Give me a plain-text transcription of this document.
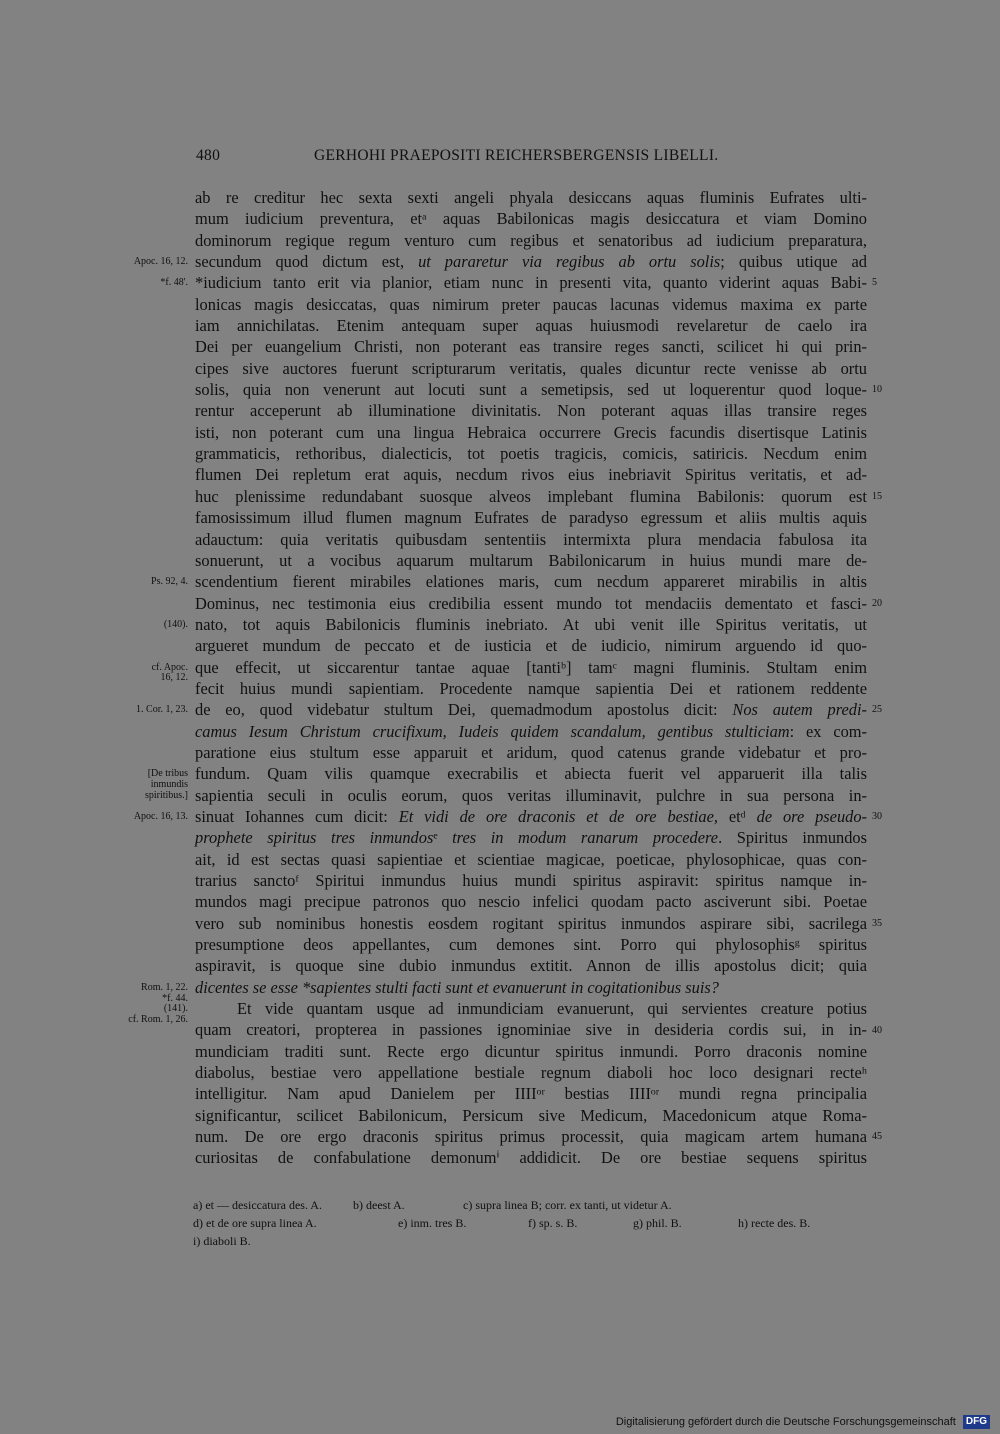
480	GERHOHI PRAEPOSITI REICHERSBERGENSIS LIBELLI.
ab re creditur hec sexta sexti angeli phyala desiccans aquas fluminis Eufrates ulti-
mum iudicium preventura, etᵃ aquas Babilonicas magis desiccatura et viam Domino
dominorum regique regum venturo cum regibus et senatoribus ad iudicium preparatura,
secundum quod dictum est, ut pararetur via regibus ab ortu solis; quibus utique ad
*iudicium tanto erit via planior, etiam nunc in presenti vita, quanto viderint aquas Babi-
lonicas magis desiccatas, quas nimirum preter paucas lacunas videmus maxima ex parte
iam annichilatas. Etenim antequam super aquas huiusmodi revelaretur de caelo ira
Dei per euangelium Christi, non poterant eas transire reges sancti, scilicet hi qui prin-
cipes sive auctores fuerunt scripturarum veritatis, quales dicuntur recte venisse ab ortu
solis, quia non venerunt aut locuti sunt a semetipsis, sed ut loquerentur quod loque-
rentur acceperunt ab illuminatione divinitatis. Non poterant aquas illas transire reges
isti, non poterant cum una lingua Hebraica occurrere Grecis facundis disertisque Latinis
grammaticis, rethoribus, dialecticis, tot poetis tragicis, comicis, satiricis. Necdum enim
flumen Dei repletum erat aquis, necdum rivos eius inebriavit Spiritus veritatis, et ad-
huc plenissime redundabant suosque alveos implebant flumina Babilonis: quorum est
famosissimum illud flumen magnum Eufrates de paradyso egressum et aliis multis aquis
adauctum: quia veritatis quibusdam sententiis intermixta plura mendacia fabulosa ita
sonuerunt, ut a vocibus aquarum multarum Babilonicarum in huius mundi mare de-
scendentium fierent mirabiles elationes maris, cum necdum appareret mirabilis in altis
Dominus, nec testimonia eius credibilia essent mundo tot mendaciis dementato et fasci-
nato, tot aquis Babilonicis fluminis inebriato. At ubi venit ille Spiritus veritatis, ut
argueret mundum de peccato et de iusticia et de iudicio, nimirum arguendo id quo-
que effecit, ut siccarentur tantae aquae [tantiᵇ] tamᶜ magni fluminis. Stultam enim
fecit huius mundi sapientiam. Procedente namque sapientia Dei et rationem reddente
de eo, quod videbatur stultum Dei, quemadmodum apostolus dicit: Nos autem predi-
camus Iesum Christum crucifixum, Iudeis quidem scandalum, gentibus stulticiam: ex com-
paratione eius stultum esse apparuit et aridum, quod catenus grande videbatur et pro-
fundum. Quam vilis quamque execrabilis et abiecta fuerit vel apparuerit illa talis
sapientia seculi in oculis eorum, quos veritas illuminavit, pulchre in sua persona in-
sinuat Iohannes cum dicit: Et vidi de ore draconis et de ore bestiae, etᵈ de ore pseudo-
prophete spiritus tres inmundosᵉ tres in modum ranarum procedere. Spiritus inmundos
ait, id est sectas quasi sapientiae et scientiae magicae, poeticae, phylosophicae, quas con-
trarius sanctoᶠ Spiritui inmundus huius mundi spiritus aspiravit: spiritus namque in-
mundos magi precipue patronos quo nescio infelici quodam pacto asciverunt sibi. Poetae
vero sub nominibus honestis eosdem rogitant spiritus inmundos aspirare sibi, sacrilega
presumptione deos appellantes, cum demones sint. Porro qui phylosophisᵍ spiritus
aspiravit, is quoque sine dubio inmundus extitit. Annon de illis apostolus dicit; quia
dicentes se esse *sapientes stulti facti sunt et evanuerunt in cogitationibus suis?
Et vide quantam usque ad inmundiciam evanuerunt, qui servientes creature potius
quam creatori, propterea in passiones ignominiae sive in desideria cordis sui, in in-
mundiciam traditi sunt. Recte ergo dicuntur spiritus inmundi. Porro draconis nomine
diabolus, bestiae vero appellatione bestiale regnum diaboli hoc loco designari recteʰ
intelligitur. Nam apud Danielem per IIIIᵒʳ bestias IIIIᵒʳ mundi regna principalia
significantur, scilicet Babilonicum, Persicum sive Medicum, Macedonicum atque Roma-
num. De ore ergo draconis spiritus primus processit, quia magicam artem humana
curiositas de confabulatione demonumⁱ addidicit. De ore bestiae sequens spiritus
Apoc. 16, 12.
*f. 48'.
Ps. 92, 4.
(140).
cf. Apoc.
16, 12.
1. Cor. 1, 23.
[De tribus
inmundis
spiritibus.]
Apoc. 16, 13.
Rom. 1, 22.
*f. 44.
(141).
cf. Rom. 1, 26.
5
10
15
20
25
30
35
40
45
a) et — desiccatura des. A.	b) deest A.	c) supra linea B; corr. ex tanti, ut videtur A.
d) et de ore supra linea A.	e) inm. tres B.	f) sp. s. B.	g) phil. B.	h) recte des. B.
i) diaboli B.
Digitalisierung gefördert durch die Deutsche Forschungsgemeinschaft DFG
